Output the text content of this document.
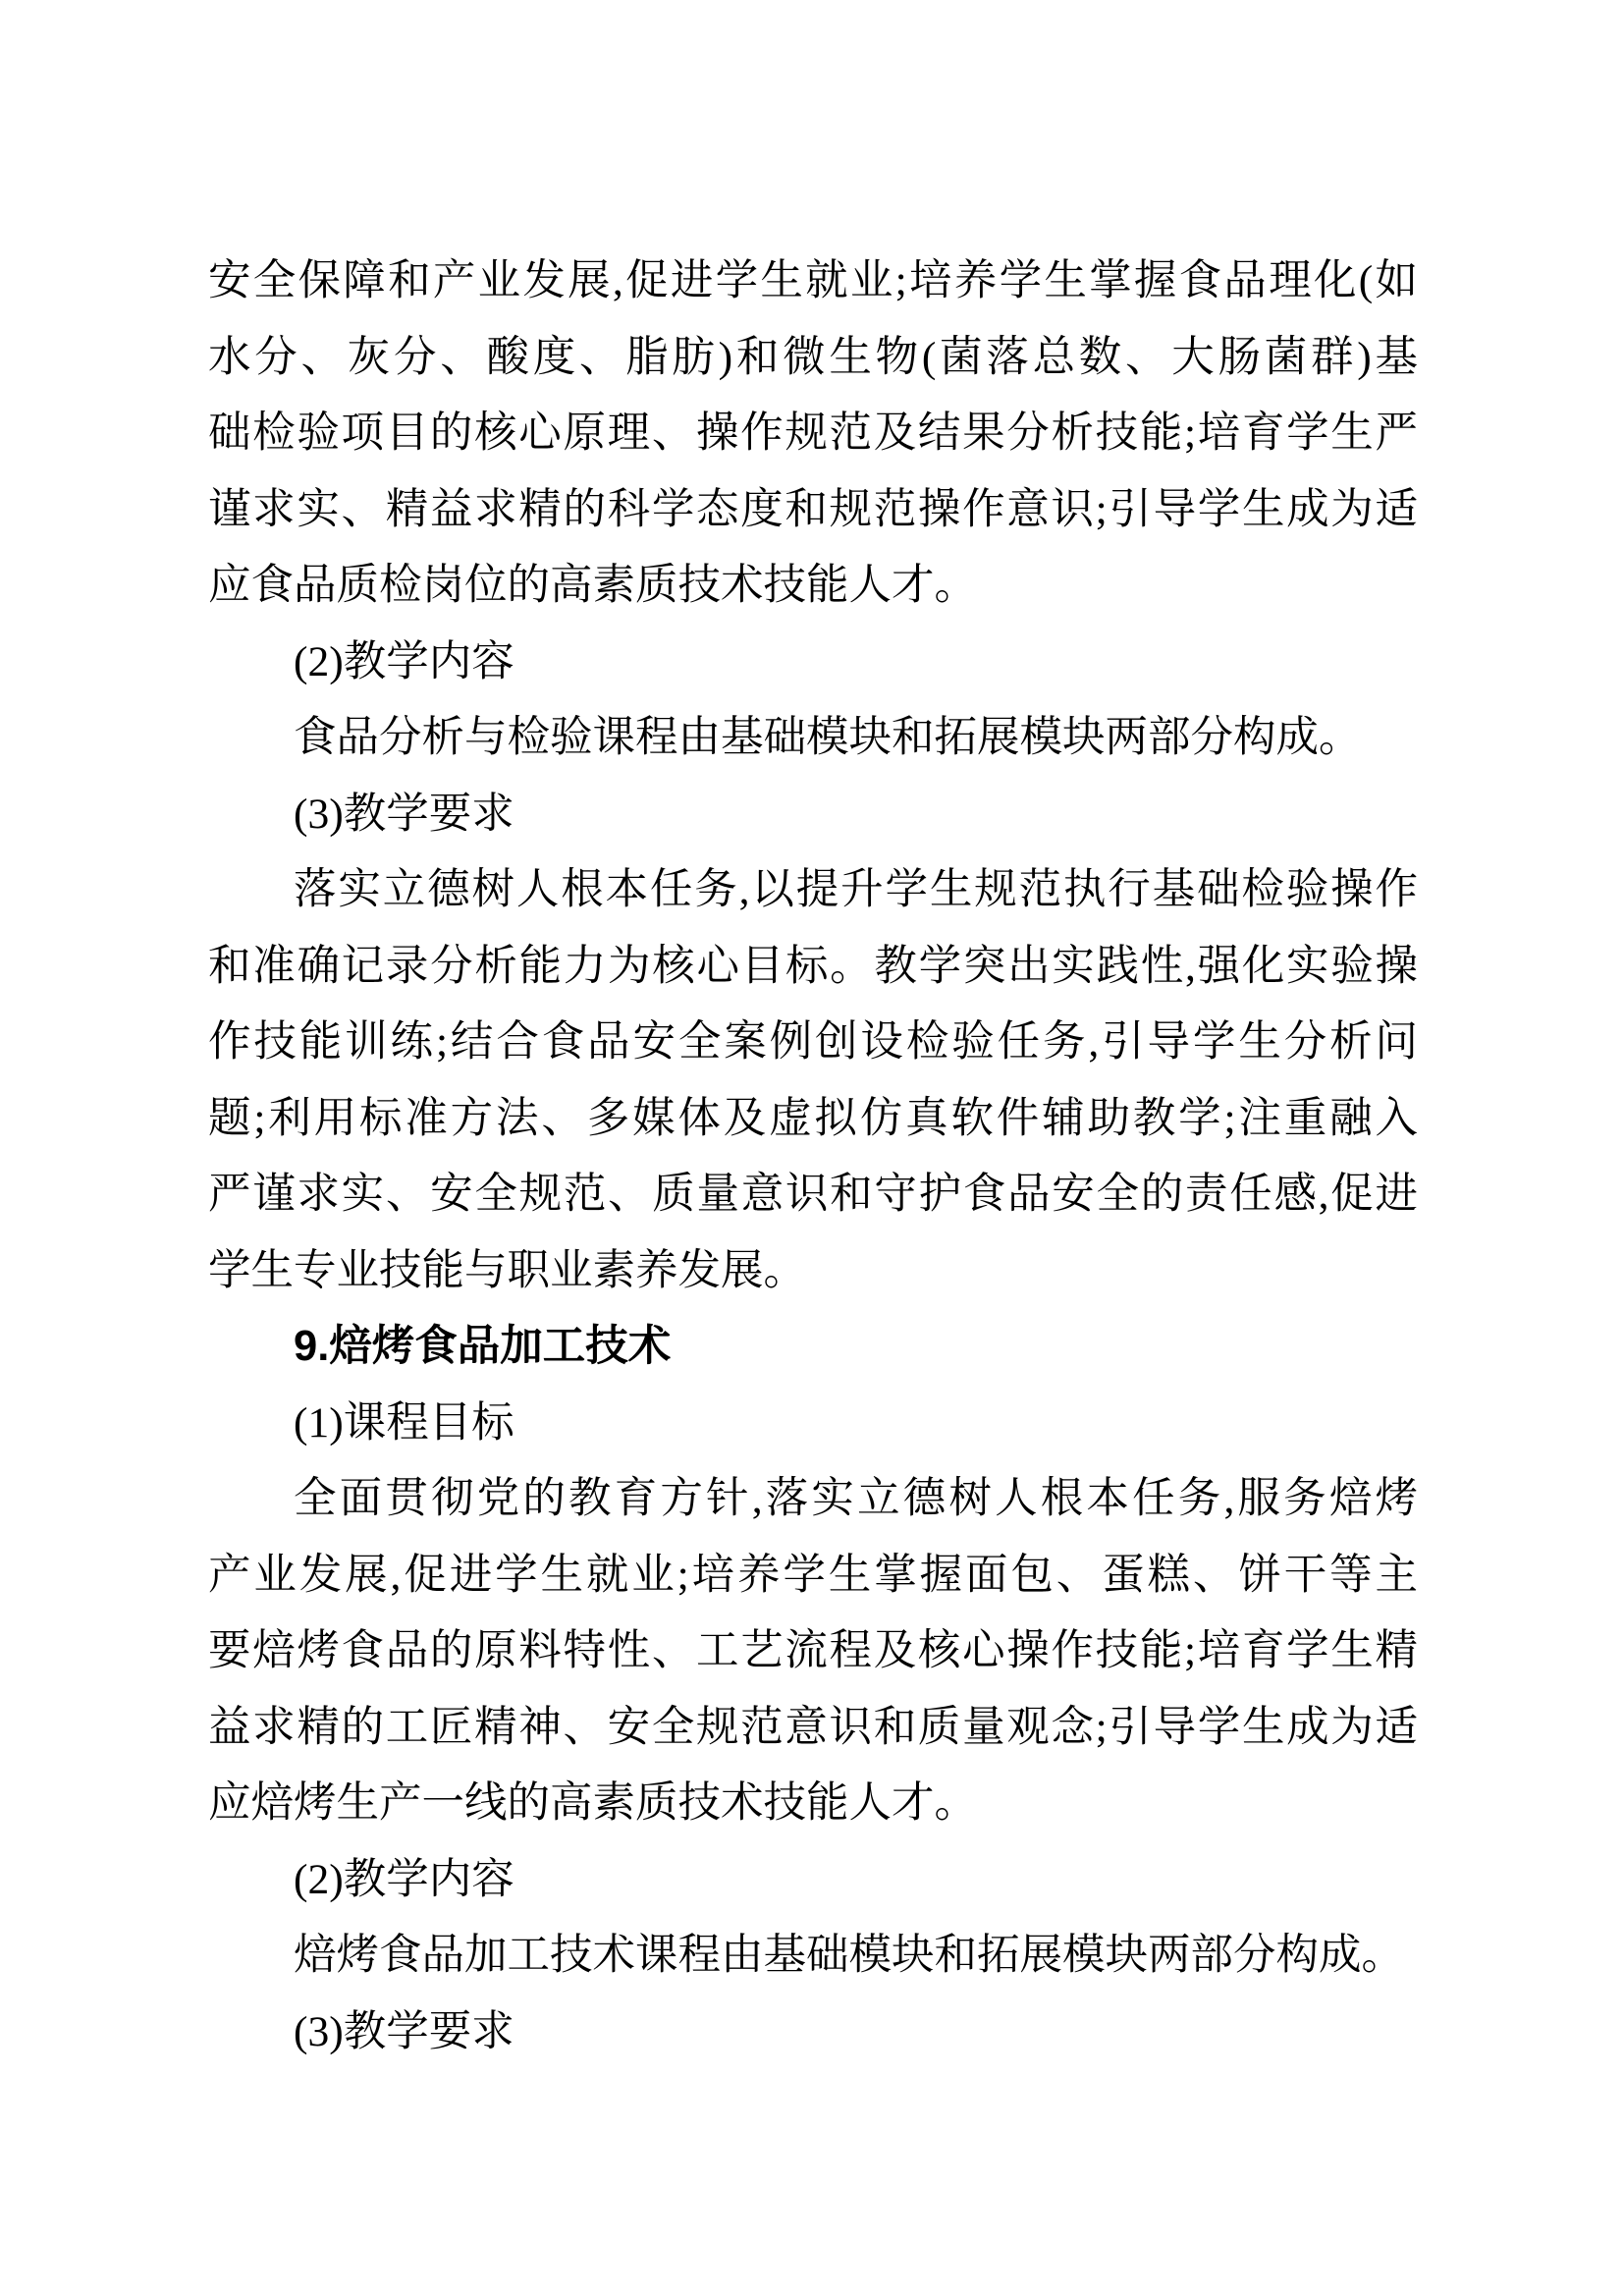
安全保障和产业发展,促进学生就业;培养学生掌握食品理化(如
水分、灰分、酸度、脂肪)和微生物(菌落总数、大肠菌群)基
础检验项目的核心原理、操作规范及结果分析技能;培育学生严
谨求实、精益求精的科学态度和规范操作意识;引导学生成为适
应食品质检岗位的高素质技术技能人才。
(2)教学内容
食品分析与检验课程由基础模块和拓展模块两部分构成。
(3)教学要求
落实立德树人根本任务,以提升学生规范执行基础检验操作
和准确记录分析能力为核心目标。教学突出实践性,强化实验操
作技能训练;结合食品安全案例创设检验任务,引导学生分析问
题;利用标准方法、多媒体及虚拟仿真软件辅助教学;注重融入
严谨求实、安全规范、质量意识和守护食品安全的责任感,促进
学生专业技能与职业素养发展。
9.焙烤食品加工技术
(1)课程目标
全面贯彻党的教育方针,落实立德树人根本任务,服务焙烤
产业发展,促进学生就业;培养学生掌握面包、蛋糕、饼干等主
要焙烤食品的原料特性、工艺流程及核心操作技能;培育学生精
益求精的工匠精神、安全规范意识和质量观念;引导学生成为适
应焙烤生产一线的高素质技术技能人才。
(2)教学内容
焙烤食品加工技术课程由基础模块和拓展模块两部分构成。
(3)教学要求
